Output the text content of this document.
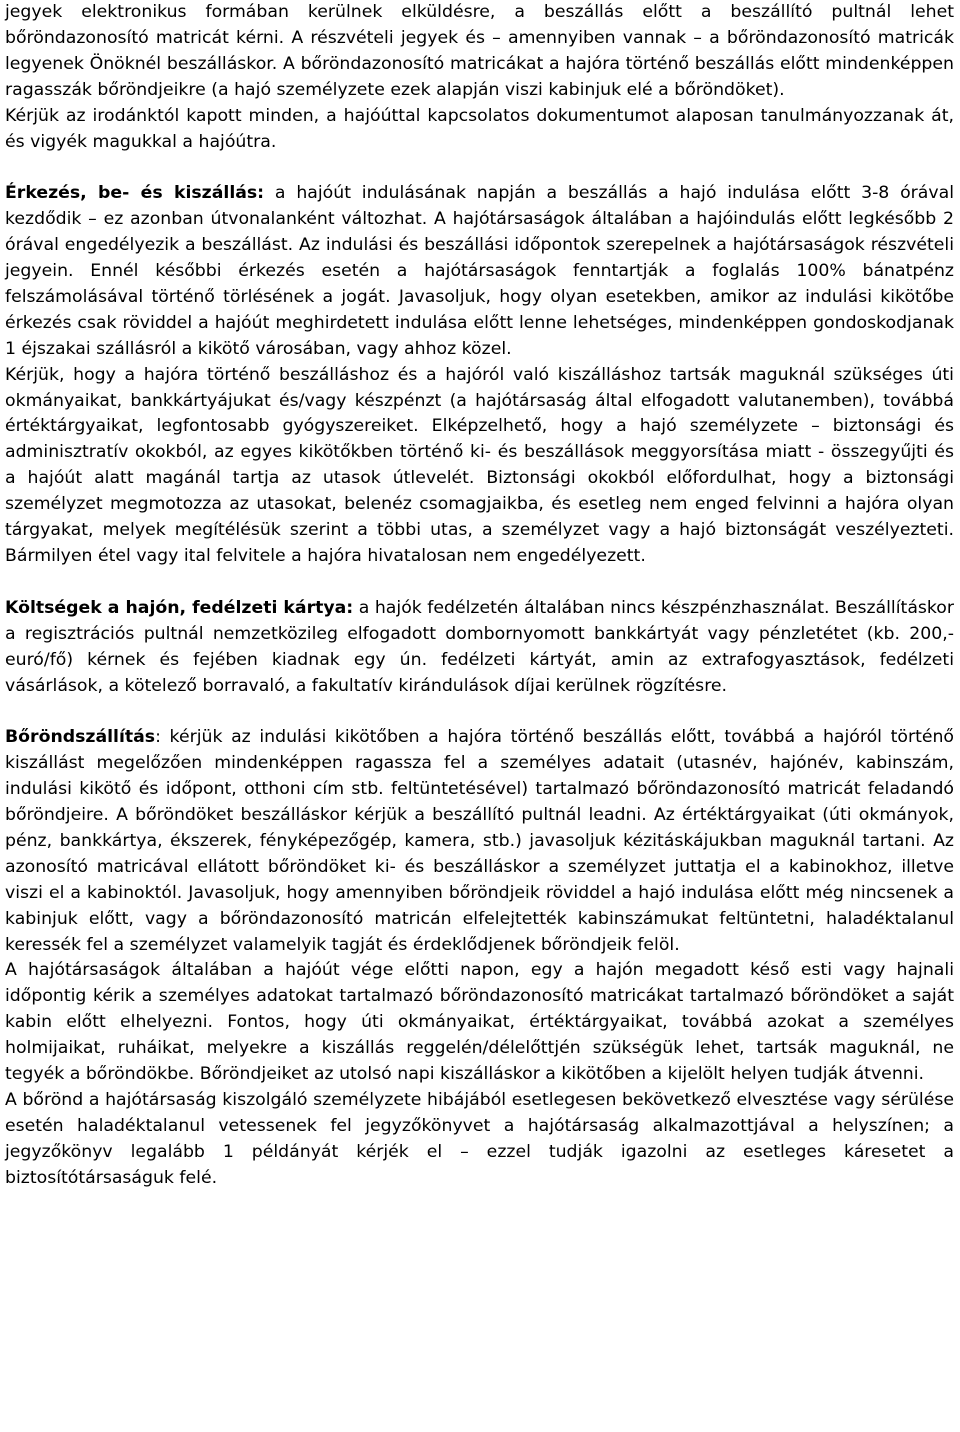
jegyek elektronikus formában kerülnek elküldésre, a beszállás előtt a beszállító pultnál lehet bőröndazonosító matricát kérni. A részvételi jegyek és – amennyiben vannak – a bőröndazonosító matricák legyenek Önöknél beszálláskor. A bőröndazonosító matricákat a hajóra történő beszállás előtt mindenképpen ragasszák bőröndjeikre (a hajó személyzete ezek alapján viszi kabinjuk elé a bőröndöket).

Kérjük az irodánktól kapott minden, a hajóúttal kapcsolatos dokumentumot alaposan tanulmányozzanak át, és vigyék magukkal a hajóútra.

Érkezés, be- és kiszállás: a hajóút indulásának napján a beszállás a hajó indulása előtt 3-8 órával kezdődik – ez azonban útvonalanként változhat. A hajótársaságok általában a hajóindulás előtt legkésőbb 2 órával engedélyezik a beszállást. Az indulási és beszállási időpontok szerepelnek a hajótársaságok részvételi jegyein. Ennél későbbi érkezés esetén a hajótársaságok fenntartják a foglalás 100% bánatpénz felszámolásával történő törlésének a jogát. Javasoljuk, hogy olyan esetekben, amikor az indulási kikötőbe érkezés csak röviddel a hajóút meghirdetett indulása előtt lenne lehetséges, mindenképpen gondoskodjanak 1 éjszakai szállásról a kikötő városában, vagy ahhoz közel.

Kérjük, hogy a hajóra történő beszálláshoz és a hajóról való kiszálláshoz tartsák maguknál szükséges úti okmányaikat, bankkártyájukat és/vagy készpénzt (a hajótársaság által elfogadott valutanemben), továbbá értéktárgyaikat, legfontosabb gyógyszereiket. Elképzelhető, hogy a hajó személyzete – biztonsági és adminisztratív okokból, az egyes kikötőkben történő ki- és beszállások meggyorsítása miatt - összegyűjti és a hajóút alatt magánál tartja az utasok útlevelét. Biztonsági okokból előfordulhat, hogy a biztonsági személyzet megmotozza az utasokat, belenéz csomagjaikba, és esetleg nem enged felvinni a hajóra olyan tárgyakat, melyek megítélésük szerint a többi utas, a személyzet vagy a hajó biztonságát veszélyezteti. Bármilyen étel vagy ital felvitele a hajóra hivatalosan nem engedélyezett.

Költségek a hajón, fedélzeti kártya: a hajók fedélzetén általában nincs készpénzhasználat. Beszállításkor a regisztrációs pultnál nemzetközileg elfogadott dombornyomott bankkártyát vagy pénzletétet (kb. 200,- euró/fő) kérnek és fejében kiadnak egy ún. fedélzeti kártyát, amin az extrafogyasztások, fedélzeti vásárlások, a kötelező borravaló, a fakultatív kirándulások díjai kerülnek rögzítésre.

Bőröndszállítás: kérjük az indulási kikötőben a hajóra történő beszállás előtt, továbbá a hajóról történő kiszállást megelőzően mindenképpen ragassza fel a személyes adatait (utasnév, hajónév, kabinszám, indulási kikötő és időpont, otthoni cím stb. feltüntetésével) tartalmazó bőröndazonosító matricát feladandó bőröndjeire. A bőröndöket beszálláskor kérjük a beszállító pultnál leadni. Az értéktárgyaikat (úti okmányok, pénz, bankkártya, ékszerek, fényképezőgép, kamera, stb.) javasoljuk kézitáskájukban maguknál tartani. Az azonosító matricával ellátott bőröndöket ki- és beszálláskor a személyzet juttatja el a kabinokhoz, illetve viszi el a kabinoktól. Javasoljuk, hogy amennyiben bőröndjeik röviddel a hajó indulása előtt még nincsenek a kabinjuk előtt, vagy a bőröndazonosító matricán elfelejtették kabinszámukat feltüntetni, haladéktalanul keressék fel a személyzet valamelyik tagját és érdeklődjenek bőröndjeik felöl.

A hajótársaságok általában a hajóút vége előtti napon, egy a hajón megadott késő esti vagy hajnali időpontig kérik a személyes adatokat tartalmazó bőröndazonosító matricákat tartalmazó bőröndöket a saját kabin előtt elhelyezni. Fontos, hogy úti okmányaikat, értéktárgyaikat, továbbá azokat a személyes holmijaikat, ruháikat, melyekre a kiszállás reggelén/délelőttjén szükségük lehet, tartsák maguknál, ne tegyék a bőröndökbe. Bőröndjeiket az utolsó napi kiszálláskor a kikötőben a kijelölt helyen tudják átvenni.

A bőrönd a hajótársaság kiszolgáló személyzete hibájából esetlegesen bekövetkező elvesztése vagy sérülése esetén haladéktalanul vetessenek fel jegyzőkönyvet a hajótársaság alkalmazottjával a helyszínen; a jegyzőkönyv legalább 1 példányát kérjék el – ezzel tudják igazolni az esetleges káresetet a biztosítótársaságuk felé.
